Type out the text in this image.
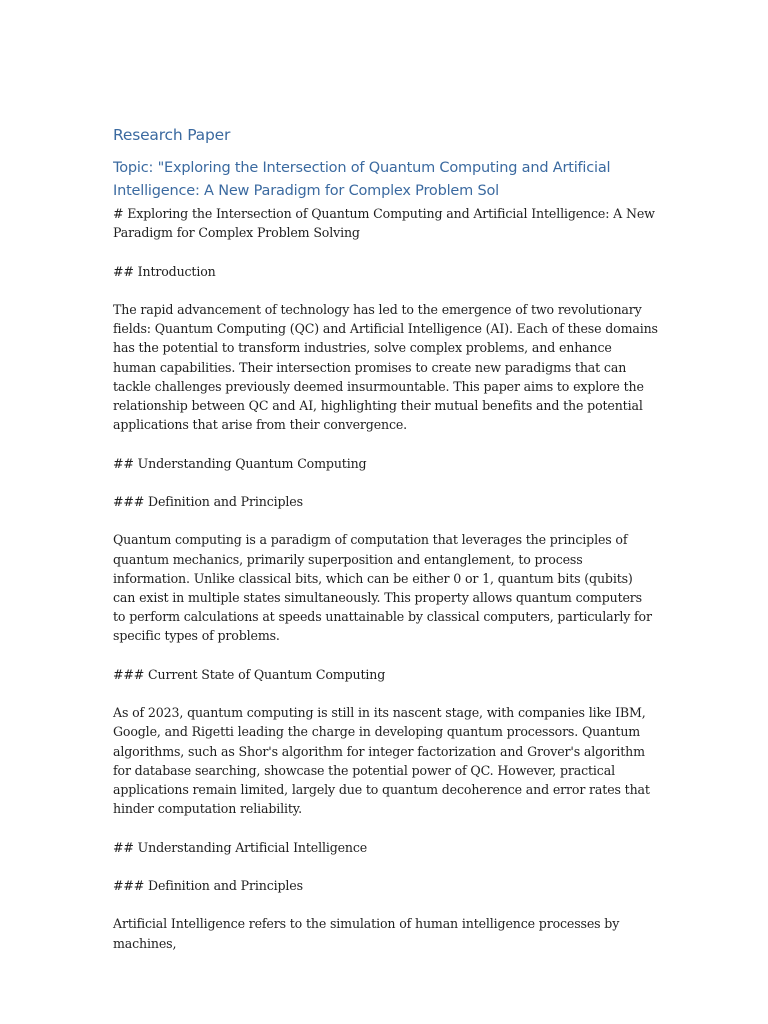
Research Paper
Topic: "Exploring the Intersection of Quantum Computing and Artificial
Intelligence: A New Paradigm for Complex Problem Sol

# Exploring the Intersection of Quantum Computing and Artificial Intelligence: A New Paradigm for Complex Problem Solving

## Introduction

The rapid advancement of technology has led to the emergence of two revolutionary fields: Quantum Computing (QC) and Artificial Intelligence (AI). Each of these domains has the potential to transform industries, solve complex problems, and enhance human capabilities. Their intersection promises to create new paradigms that can tackle challenges previously deemed insurmountable. This paper aims to explore the relationship between QC and AI, highlighting their mutual benefits and the potential applications that arise from their convergence.

## Understanding Quantum Computing

### Definition and Principles

Quantum computing is a paradigm of computation that leverages the principles of quantum mechanics, primarily superposition and entanglement, to process information. Unlike classical bits, which can be either 0 or 1, quantum bits (qubits) can exist in multiple states simultaneously. This property allows quantum computers to perform calculations at speeds unattainable by classical computers, particularly for specific types of problems.

### Current State of Quantum Computing

As of 2023, quantum computing is still in its nascent stage, with companies like IBM, Google, and Rigetti leading the charge in developing quantum processors. Quantum algorithms, such as Shor's algorithm for integer factorization and Grover's algorithm for database searching, showcase the potential power of QC. However, practical applications remain limited, largely due to quantum decoherence and error rates that hinder computation reliability.

## Understanding Artificial Intelligence

### Definition and Principles

Artificial Intelligence refers to the simulation of human intelligence processes by machines,
